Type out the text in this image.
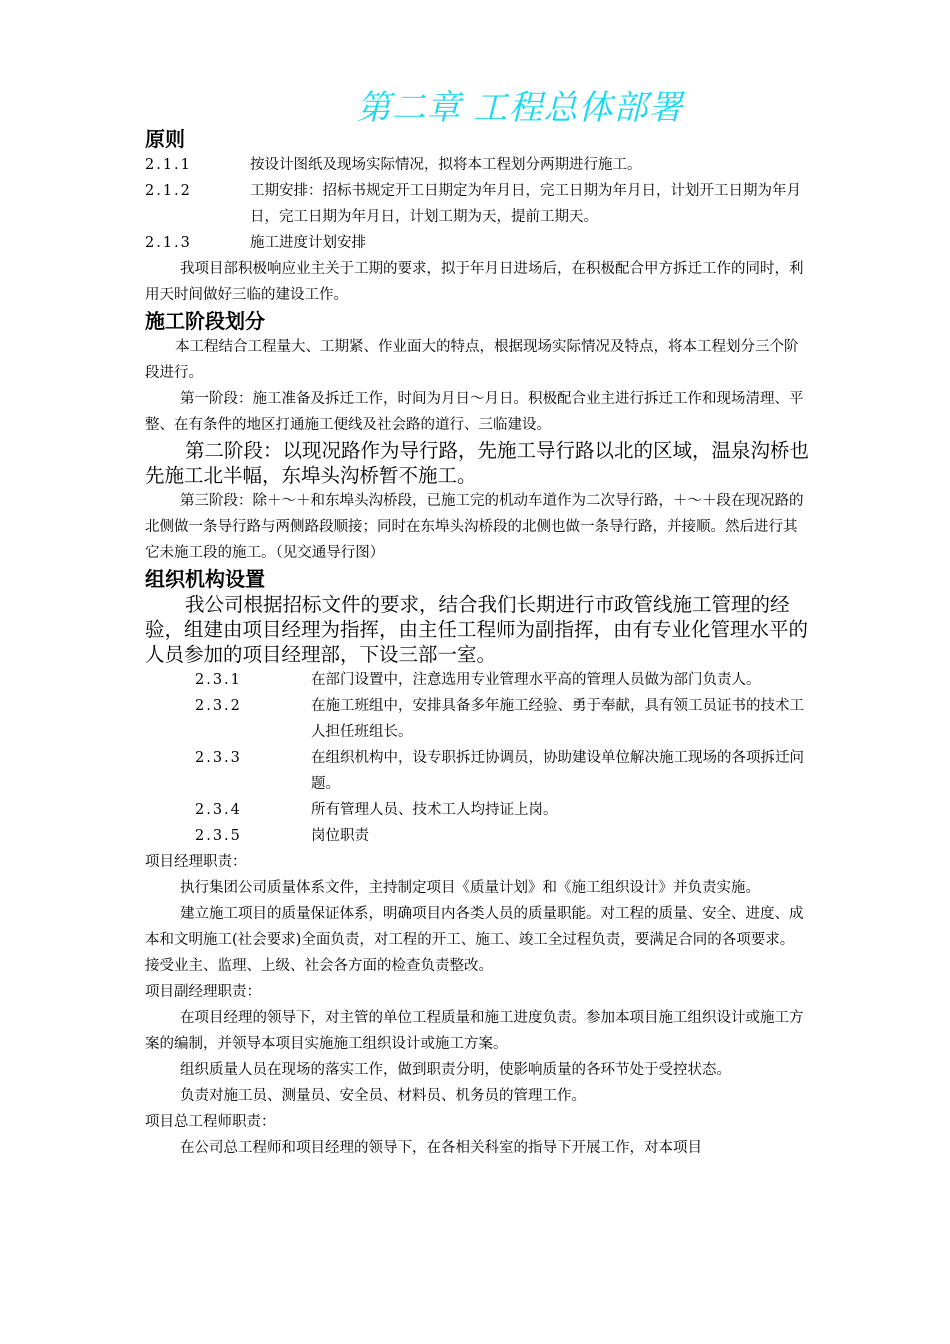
第二章 工程总体部署
原则
2.1.1	按设计图纸及现场实际情况，拟将本工程划分两期进行施工。
2.1.2	工期安排：招标书规定开工日期定为年月日，完工日期为年月日，计划开工日期为年月日，完工日期为年月日，计划工期为天，提前工期天。
2.1.3	施工进度计划安排

我项目部积极响应业主关于工期的要求，拟于年月日进场后，在积极配合甲方拆迁工作的同时，利用天时间做好三临的建设工作。

施工阶段划分

本工程结合工程量大、工期紧、作业面大的特点，根据现场实际情况及特点，将本工程划分三个阶段进行。

第一阶段：施工准备及拆迁工作，时间为月日～月日。积极配合业主进行拆迁工作和现场清理、平整、在有条件的地区打通施工便线及社会路的道行、三临建设。

第二阶段：以现况路作为导行路，先施工导行路以北的区域，温泉沟桥也先施工北半幅，东埠头沟桥暂不施工。

第三阶段：除＋～＋和东埠头沟桥段，已施工完的机动车道作为二次导行路，＋～＋段在现况路的北侧做一条导行路与两侧路段顺接；同时在东埠头沟桥段的北侧也做一条导行路，并接顺。然后进行其它未施工段的施工。（见交通导行图）

组织机构设置

我公司根据招标文件的要求，结合我们长期进行市政管线施工管理的经验，组建由项目经理为指挥，由主任工程师为副指挥，由有专业化管理水平的人员参加的项目经理部，下设三部一室。

2.3.1	在部门设置中，注意选用专业管理水平高的管理人员做为部门负责人。
2.3.2	在施工班组中，安排具备多年施工经验、勇于奉献，具有领工员证书的技术工人担任班组长。
2.3.3	在组织机构中，设专职拆迁协调员，协助建设单位解决施工现场的各项拆迁问题。
2.3.4	所有管理人员、技术工人均持证上岗。
2.3.5	岗位职责

项目经理职责：

执行集团公司质量体系文件，主持制定项目《质量计划》和《施工组织设计》并负责实施。

建立施工项目的质量保证体系，明确项目内各类人员的质量职能。对工程的质量、安全、进度、成本和文明施工(社会要求)全面负责，对工程的开工、施工、竣工全过程负责，要满足合同的各项要求。

接受业主、监理、上级、社会各方面的检查负责整改。

项目副经理职责：

在项目经理的领导下，对主管的单位工程质量和施工进度负责。参加本项目施工组织设计或施工方案的编制，并领导本项目实施施工组织设计或施工方案。

组织质量人员在现场的落实工作，做到职责分明，使影响质量的各环节处于受控状态。

负责对施工员、测量员、安全员、材料员、机务员的管理工作。

项目总工程师职责：

在公司总工程师和项目经理的领导下，在各相关科室的指导下开展工作，对本项目
